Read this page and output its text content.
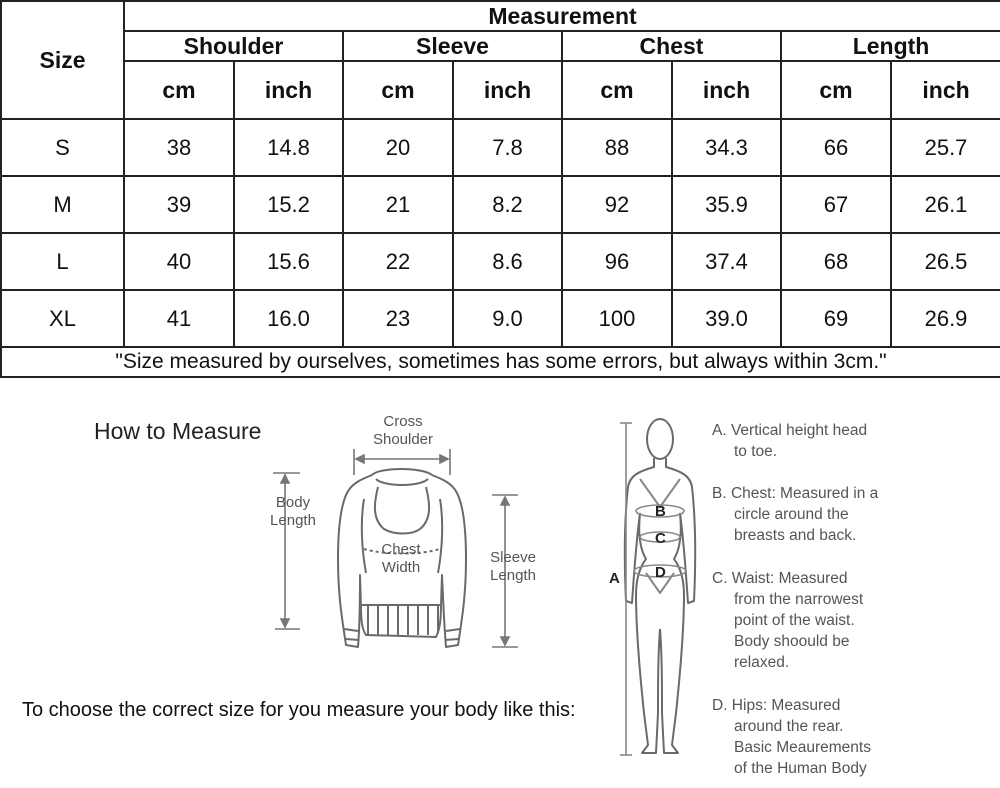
Size	Measurement							
	Shoulder		Sleeve		Chest		Length	
	cm	inch	cm	inch	cm	inch	cm	inch
S	38	14.8	20	7.8	88	34.3	66	25.7
M	39	15.2	21	8.2	92	35.9	67	26.1
L	40	15.6	22	8.6	96	37.4	68	26.5
XL	41	16.0	23	9.0	100	39.0	69	26.9
"Size measured by ourselves, sometimes has some errors, but always within 3cm."								
A
B
C
D
How to Measure	Cross
Shoulder
Body
Length
Chest
Width
Sleeve
Length
A. Vertical height head
to toe.
B. Chest: Measured in a
circle around the
breasts and back.
C. Waist: Measured
from the narrowest
point of the waist.
Body shoould be
relaxed.
D. Hips: Measured
around the rear.
Basic Meaurements
of the Human Body
To choose the correct size for you measure your body like this:
